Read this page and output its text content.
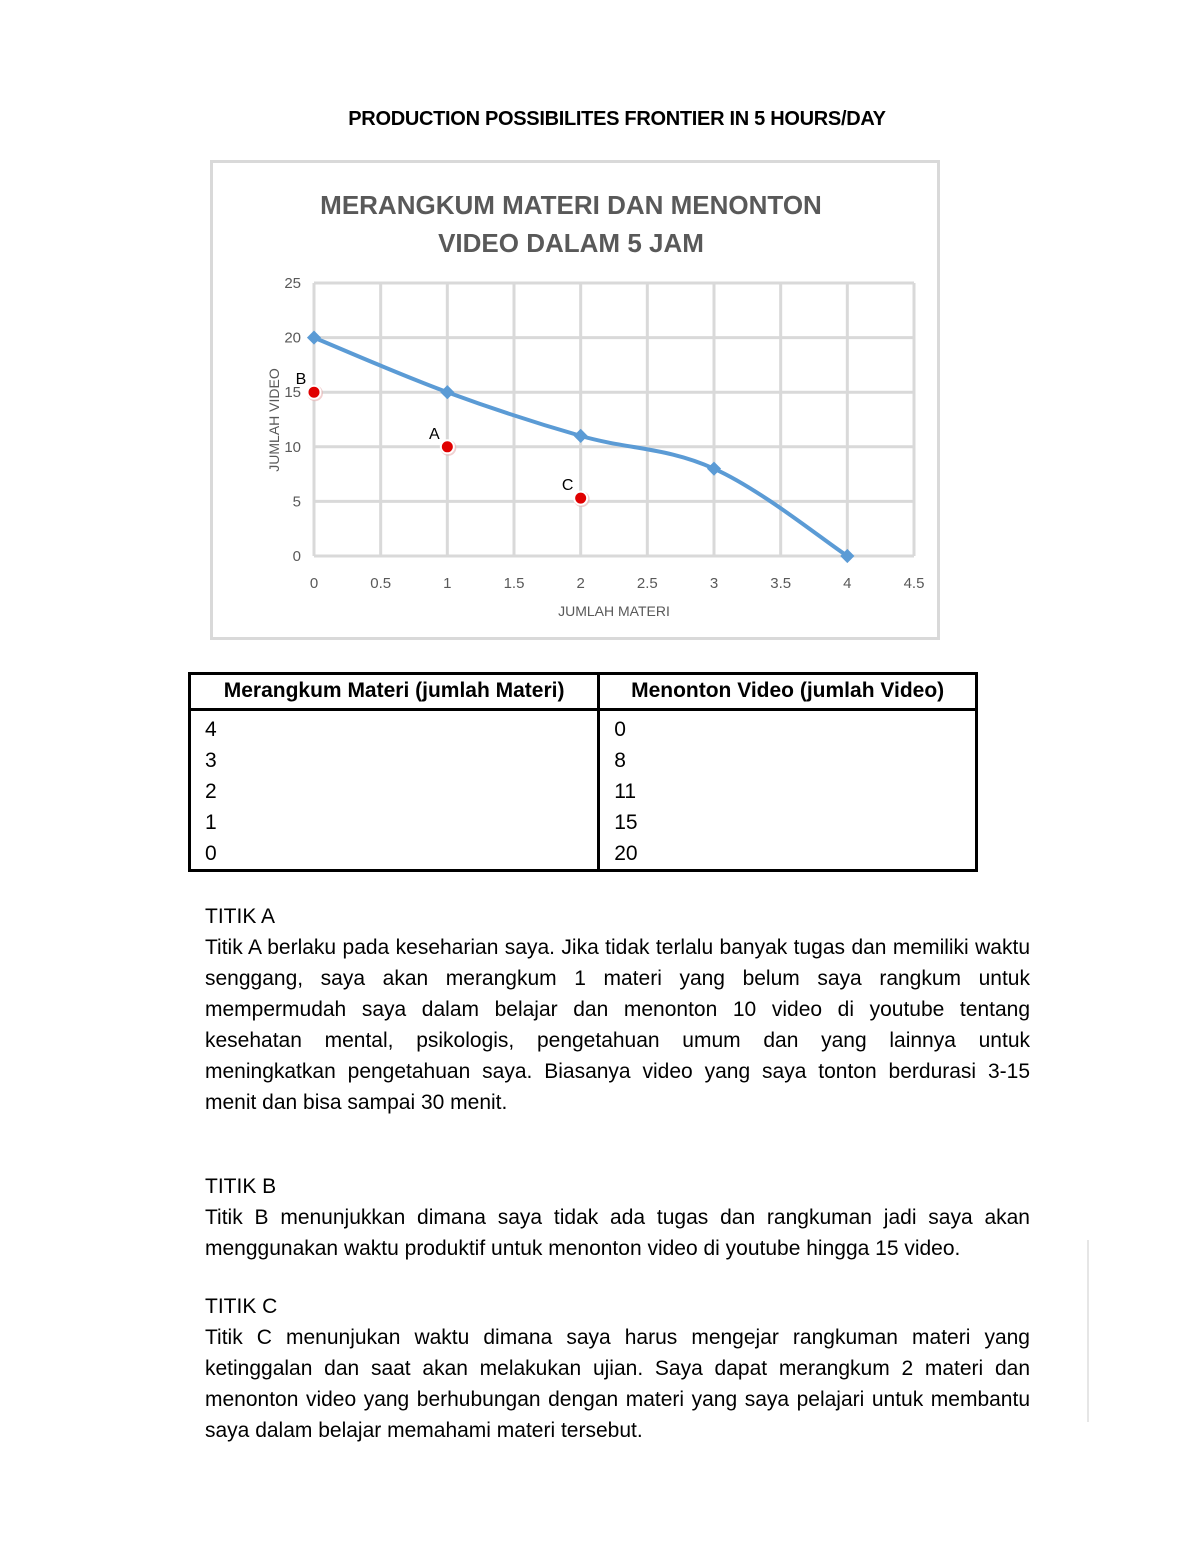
PRODUCTION POSSIBILITES FRONTIER IN 5 HOURS/DAY
MERANGKUM MATERI DAN MENONTON
VIDEO DALAM 5 JAM
0	0.5	1	1.5	2	2.5	3	3.5	4	4.5
0
5
10
15
20
25
JUMLAH MATERI
JUMLAH VIDEO	A
B
C
Merangkum Materi (jumlah Materi)	Menonton Video (jumlah Video)
4	0
3	8
2	11
1	15
0	20

TITIK A

Titik A berlaku pada keseharian saya. Jika tidak terlalu banyak tugas dan memiliki waktu senggang, saya akan merangkum 1 materi yang belum saya rangkum untuk mempermudah saya dalam belajar dan menonton 10 video di youtube tentang kesehatan mental, psikologis, pengetahuan umum dan yang lainnya untuk meningkatkan pengetahuan saya. Biasanya video yang saya tonton berdurasi 3-15 menit dan bisa sampai 30 menit.

TITIK B

Titik B menunjukkan dimana saya tidak ada tugas dan rangkuman jadi saya akan menggunakan waktu produktif untuk menonton video di youtube hingga 15 video.

TITIK C

Titik C menunjukan waktu dimana saya harus mengejar rangkuman materi yang ketinggalan dan saat akan melakukan ujian. Saya dapat merangkum 2 materi dan menonton video yang berhubungan dengan materi yang saya pelajari untuk membantu saya dalam belajar memahami materi tersebut.
